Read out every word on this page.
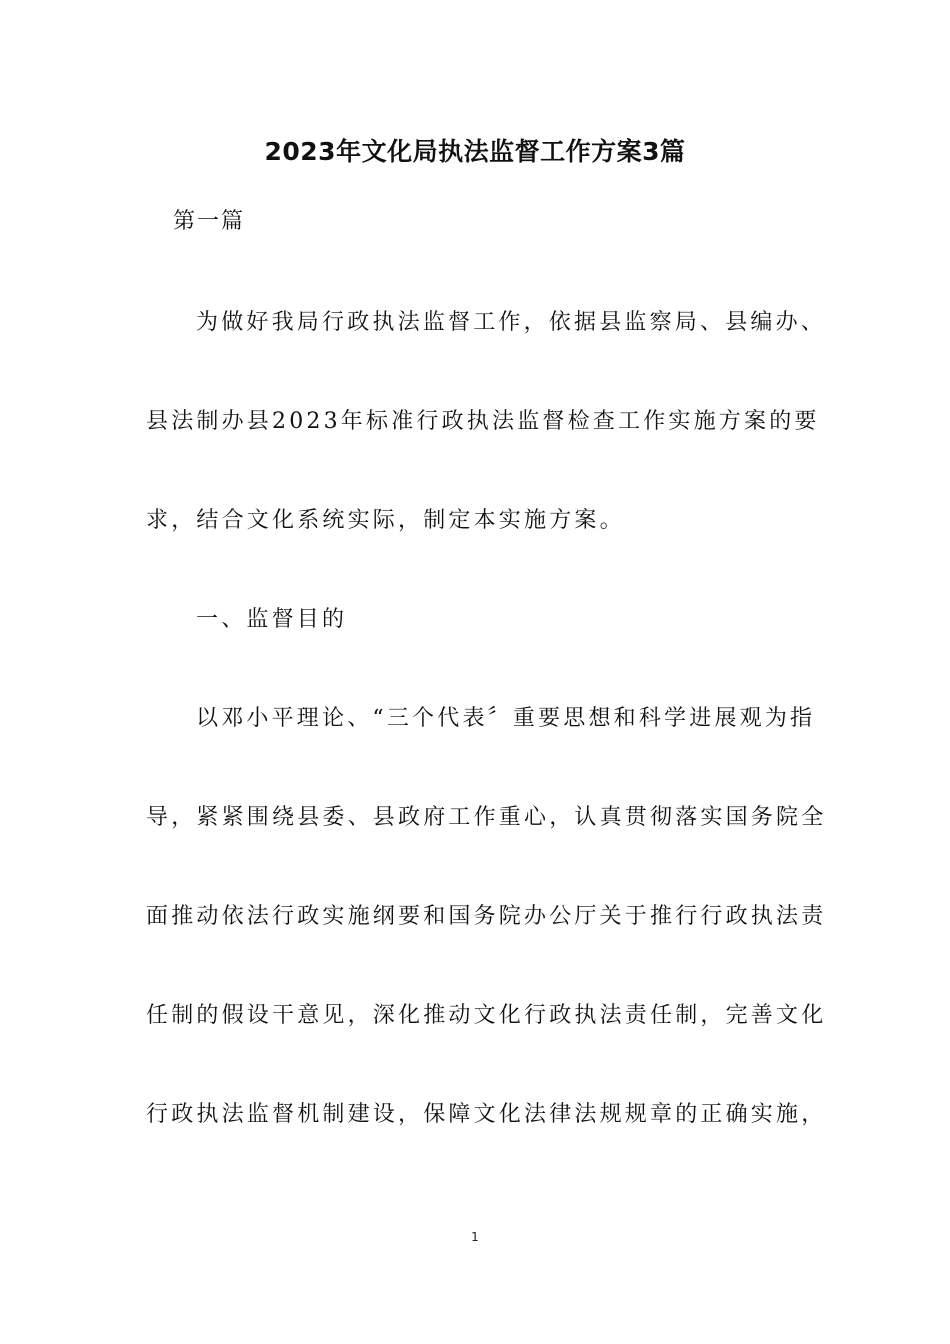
2023年文化局执法监督工作方案3篇
第一篇
为做好我局行政执法监督工作，依据县监察局、县编办、
县法制办县2023年标准行政执法监督检查工作实施方案的要
求，结合文化系统实际，制定本实施方案。
一、监督目的
以邓小平理论、“三个代表〞重要思想和科学进展观为指
导，紧紧围绕县委、县政府工作重心，认真贯彻落实国务院全
面推动依法行政实施纲要和国务院办公厅关于推行行政执法责
任制的假设干意见，深化推动文化行政执法责任制，完善文化
行政执法监督机制建设，保障文化法律法规规章的正确实施，
1
